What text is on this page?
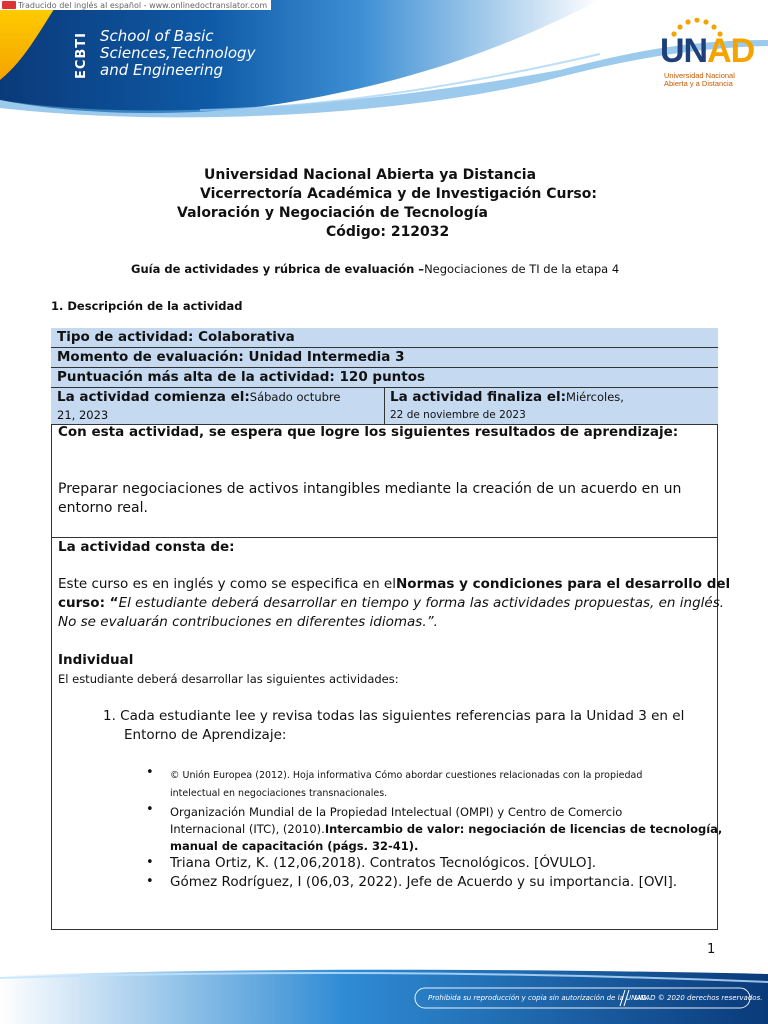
Traducido del inglés al español - www.onlinedoctranslator.com
ECBTI School of Basic
Sciences,Technology
and Engineering	UNAD
Universidad Nacional
Abierta y a Distancia
Universidad Nacional Abierta ya Distancia
Vicerrectoría Académica y de Investigación Curso:
Valoración y Negociación de Tecnología
Código: 212032
Guía de actividades y rúbrica de evaluación –Negociaciones de TI de la etapa 4
1. Descripción de la actividad
Tipo de actividad: Colaborativa
Momento de evaluación: Unidad Intermedia 3
Puntuación más alta de la actividad: 120 puntos
La actividad comienza el:Sábado octubre
21, 2023
La actividad finaliza el:Miércoles,
22 de noviembre de 2023
Con esta actividad, se espera que logre los siguientes resultados de aprendizaje:
Preparar negociaciones de activos intangibles mediante la creación de un acuerdo en un
entorno real.
La actividad consta de:
Este curso es en inglés y como se especifica en elNormas y condiciones para el desarrollo del
curso: “El estudiante deberá desarrollar en tiempo y forma las actividades propuestas, en inglés.
No se evaluarán contribuciones en diferentes idiomas.”.
Individual
El estudiante deberá desarrollar las siguientes actividades:
1. Cada estudiante lee y revisa todas las siguientes referencias para la Unidad 3 en el
Entorno de Aprendizaje:
• © Unión Europea (2012). Hoja informativa Cómo abordar cuestiones relacionadas con la propiedad
intelectual en negociaciones transnacionales.
• Organización Mundial de la Propiedad Intelectual (OMPI) y Centro de Comercio
Internacional (ITC), (2010).Intercambio de valor: negociación de licencias de tecnología,
manual de capacitación (págs. 32-41).
• Triana Ortiz, K. (12,06,2018). Contratos Tecnológicos. [ÓVULO].
• Gómez Rodríguez, I (06,03, 2022). Jefe de Acuerdo y su importancia. [OVI].
1
Prohibida su reproducción y copia sin autorización de la UNAD.
UNAD © 2020 derechos reservados.
